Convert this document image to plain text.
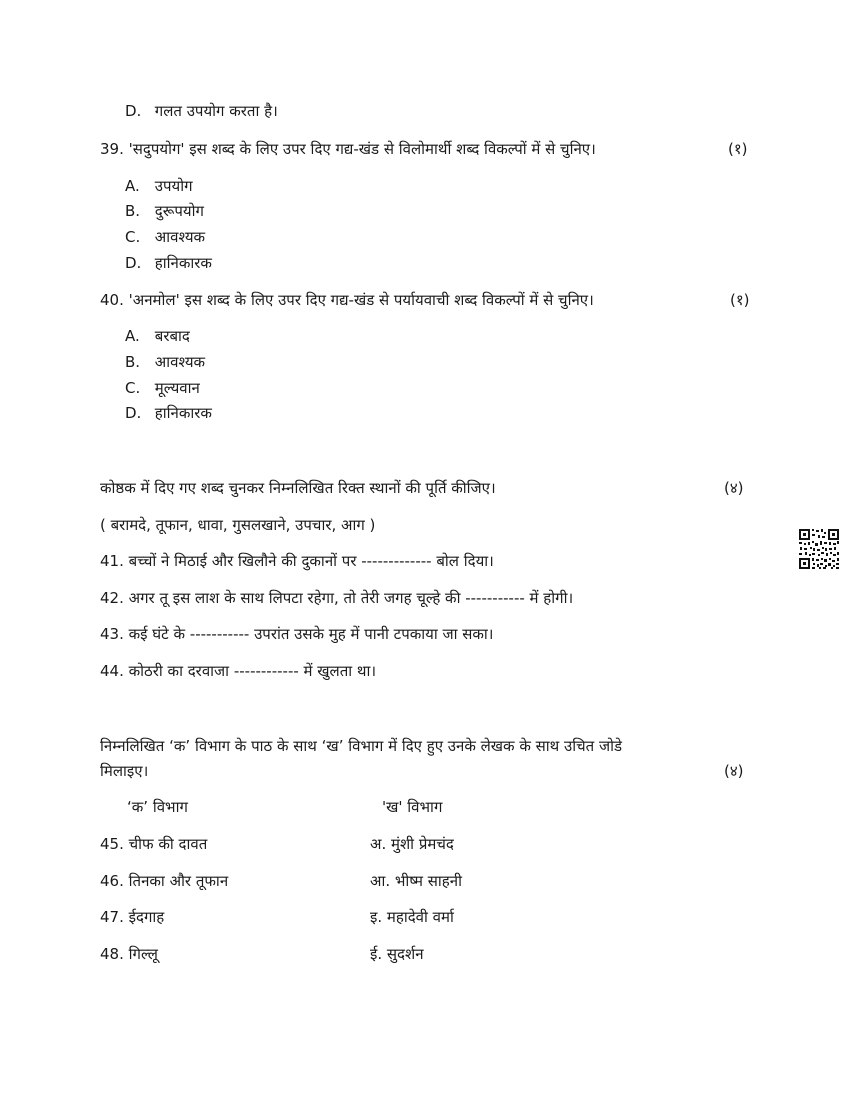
D. गलत उपयोग करता है।
39. 'सदुपयोग' इस शब्द के लिए उपर दिए गद्य-खंड से विलोमार्थी शब्द विकल्पों में से चुनिए।	(१)
A. उपयोग
B. दुरूपयोग
C. आवश्यक
D. हानिकारक
40. 'अनमोल' इस शब्द के लिए उपर दिए गद्य-खंड से पर्यायवाची शब्द विकल्पों में से चुनिए।	(१)
A. बरबाद
B. आवश्यक
C. मूल्यवान
D. हानिकारक
कोष्ठक में दिए गए शब्द चुनकर निम्नलिखित रिक्त स्थानों की पूर्ति कीजिए।	(४)
( बरामदे, तूफान, धावा, गुसलखाने, उपचार, आग )
41. बच्चों ने मिठाई और खिलौने की दुकानों पर ------------- बोल दिया।
42. अगर तू इस लाश के साथ लिपटा रहेगा, तो तेरी जगह चूल्हे की ----------- में होगी।
43. कई घंटे के ----------- उपरांत उसके मुह में पानी टपकाया जा सका।
44. कोठरी का दरवाजा ------------ में खुलता था।
निम्नलिखित ‘क’ विभाग के पाठ के साथ ‘ख’ विभाग में दिए हुए उनके लेखक के साथ उचित जोडे
मिलाइए।	(४)
‘क’ विभाग	'ख' विभाग
45. चीफ की दावत	अ. मुंशी प्रेमचंद
46. तिनका और तूफान	आ. भीष्म साहनी
47. ईदगाह	इ. महादेवी वर्मा
48. गिल्लू	ई. सुदर्शन
